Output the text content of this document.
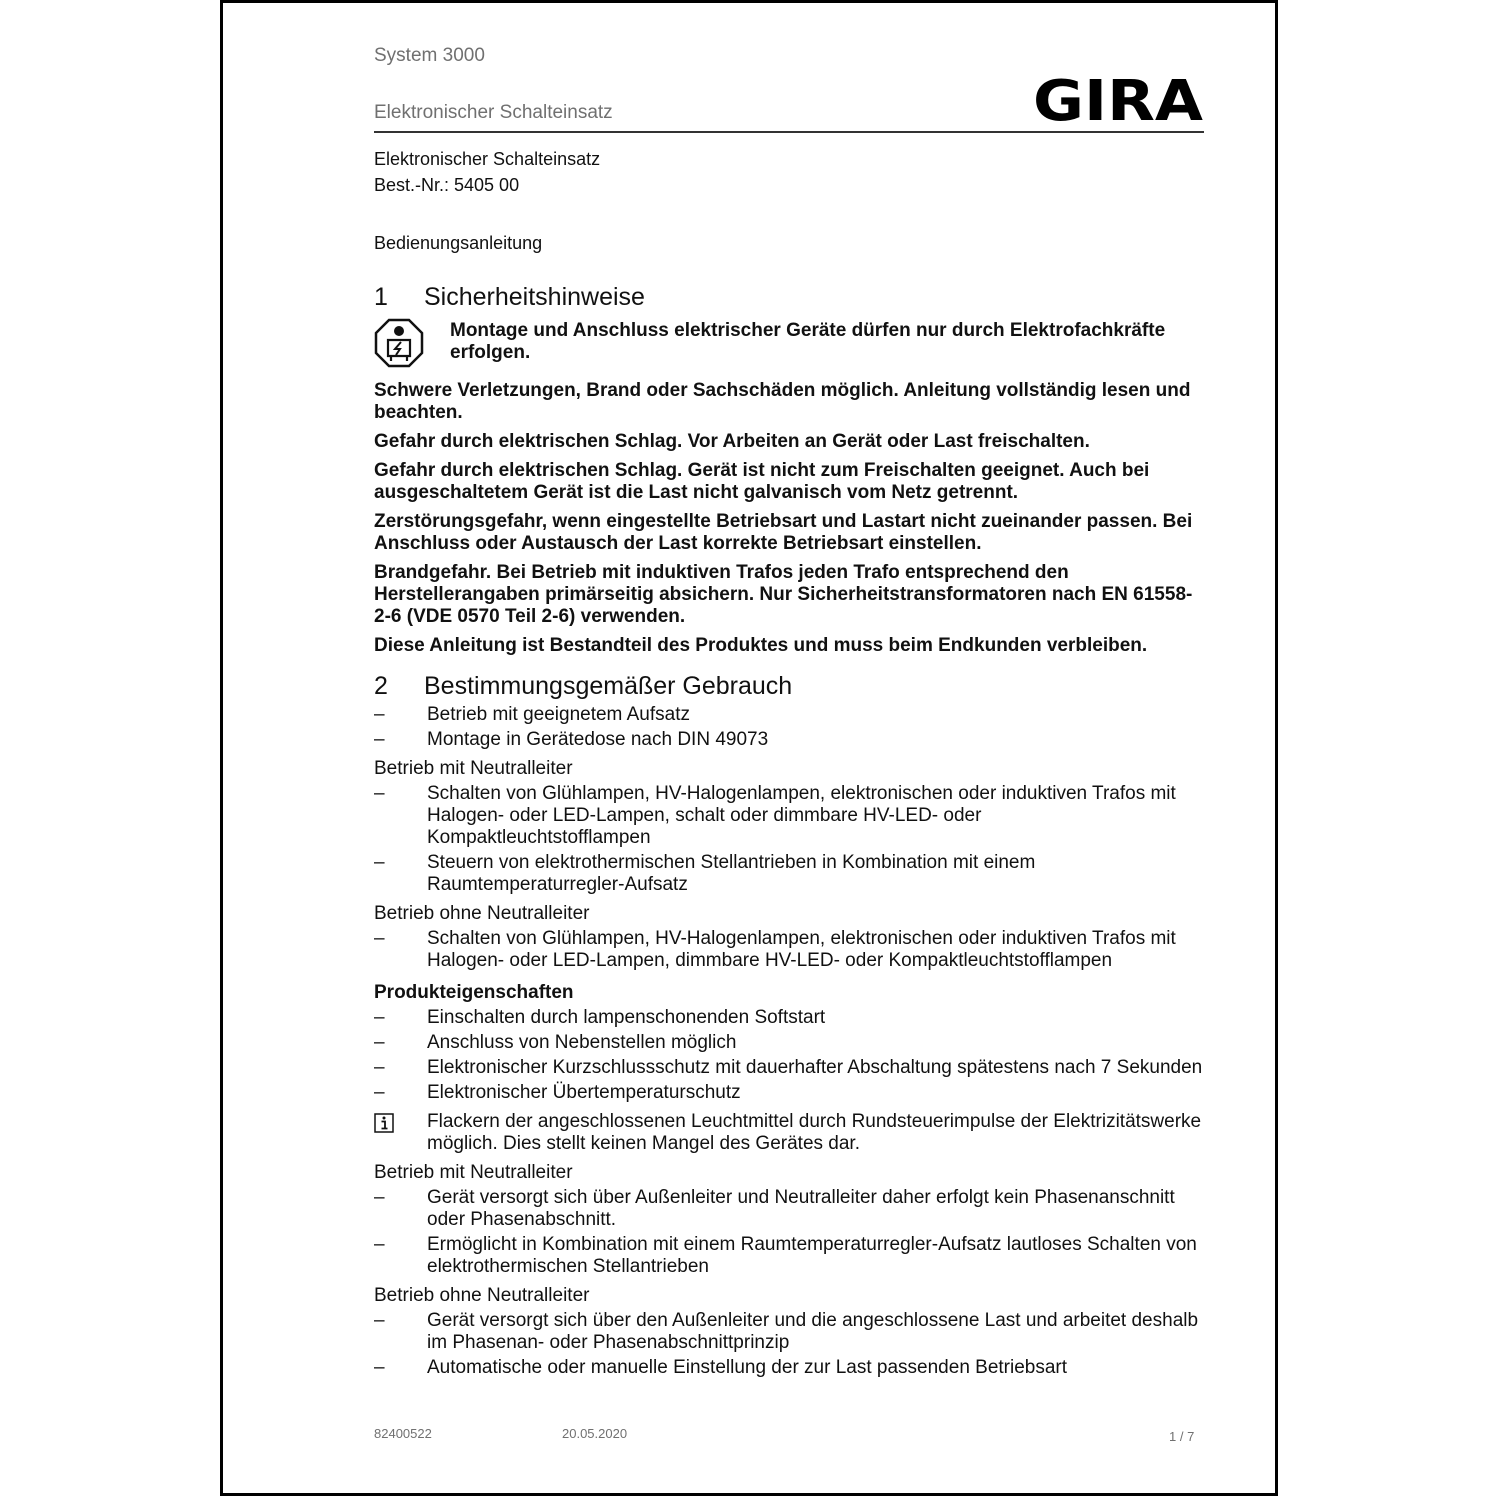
System 3000

Elektronischer Schalteinsatz	GIRA

Elektronischer Schalteinsatz

Best.-Nr.: 5405 00

Bedienungsanleitung

1 Sicherheitshinweise

Montage und Anschluss elektrischer Geräte dürfen nur durch Elektrofachkräfte erfolgen.

Schwere Verletzungen, Brand oder Sachschäden möglich. Anleitung vollständig lesen und beachten.

Gefahr durch elektrischen Schlag. Vor Arbeiten an Gerät oder Last freischalten.

Gefahr durch elektrischen Schlag. Gerät ist nicht zum Freischalten geeignet. Auch bei ausgeschaltetem Gerät ist die Last nicht galvanisch vom Netz getrennt.

Zerstörungsgefahr, wenn eingestellte Betriebsart und Lastart nicht zueinander passen. Bei Anschluss oder Austausch der Last korrekte Betriebsart einstellen.

Brandgefahr. Bei Betrieb mit induktiven Trafos jeden Trafo entsprechend den Herstellerangaben primärseitig absichern. Nur Sicherheitstransformatoren nach EN 61558-2-6 (VDE 0570 Teil 2-6) verwenden.

Diese Anleitung ist Bestandteil des Produktes und muss beim Endkunden verbleiben.

2 Bestimmungsgemäßer Gebrauch
–	Betrieb mit geeignetem Aufsatz
–	Montage in Gerätedose nach DIN 49073

Betrieb mit Neutralleiter

–	Schalten von Glühlampen, HV-Halogenlampen, elektronischen oder induktiven Trafos mit Halogen- oder LED-Lampen, schalt oder dimmbare HV-LED- oder Kompaktleuchtstofflampen
–	Steuern von elektrothermischen Stellantrieben in Kombination mit einem Raumtemperaturregler-Aufsatz

Betrieb ohne Neutralleiter

–	Schalten von Glühlampen, HV-Halogenlampen, elektronischen oder induktiven Trafos mit Halogen- oder LED-Lampen, dimmbare HV-LED- oder Kompaktleuchtstofflampen

Produkteigenschaften

–	Einschalten durch lampenschonenden Softstart
–	Anschluss von Nebenstellen möglich
–	Elektronischer Kurzschlussschutz mit dauerhafter Abschaltung spätestens nach 7 Sekunden
–	Elektronischer Übertemperaturschutz
Flackern der angeschlossenen Leuchtmittel durch Rundsteuerimpulse der Elektrizitätswerke möglich. Dies stellt keinen Mangel des Gerätes dar.

Betrieb mit Neutralleiter

–	Gerät versorgt sich über Außenleiter und Neutralleiter daher erfolgt kein Phasenanschnitt oder Phasenabschnitt.
–	Ermöglicht in Kombination mit einem Raumtemperaturregler-Aufsatz lautloses Schalten von elektrothermischen Stellantrieben

Betrieb ohne Neutralleiter

–	Gerät versorgt sich über den Außenleiter und die angeschlossene Last und arbeitet deshalb im Phasenan- oder Phasenabschnittprinzip
–	Automatische oder manuelle Einstellung der zur Last passenden Betriebsart

82400522	20.05.2020	1 / 7
